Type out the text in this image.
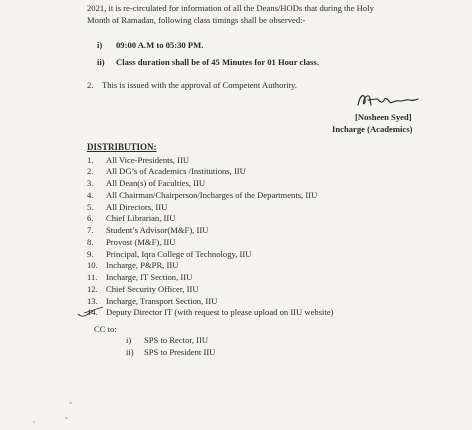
2021, it is re-circulated for information of all the Deans/HODs that during the Holy
Month of Ramadan, following class timings shall be observed:-
i) 09:00 A.M to 05:30 PM.
ii) Class duration shall be of 45 Minutes for 01 Hour class.
2. This is issued with the approval of Competent Authority.
[Nosheen Syed]
Incharge (Academics)
DISTRIBUTION:
1. All Vice-Presidents, IIU
2. All DG’s of Academics /Institutions, IIU
3. All Dean(s) of Faculties, IIU
4. All Chairman/Chairperson/Incharges of the Departments, IIU
5. All Directors, IIU
6. Chief Librarian, IIU
7. Student’s Advisor(M&F), IIU
8. Provost (M&F), IIU
9. Principal, Iqra College of Technology, IIU
10. Incharge, P&PR, IIU
11. Incharge, IT Section, IIU
12. Chief Security Officer, IIU
13. Incharge, Transport Section, IIU
14. Deputy Director IT (with request to please upload on IIU website)
CC to:
i) SPS to Rector, IIU
ii) SPS to President IIU
